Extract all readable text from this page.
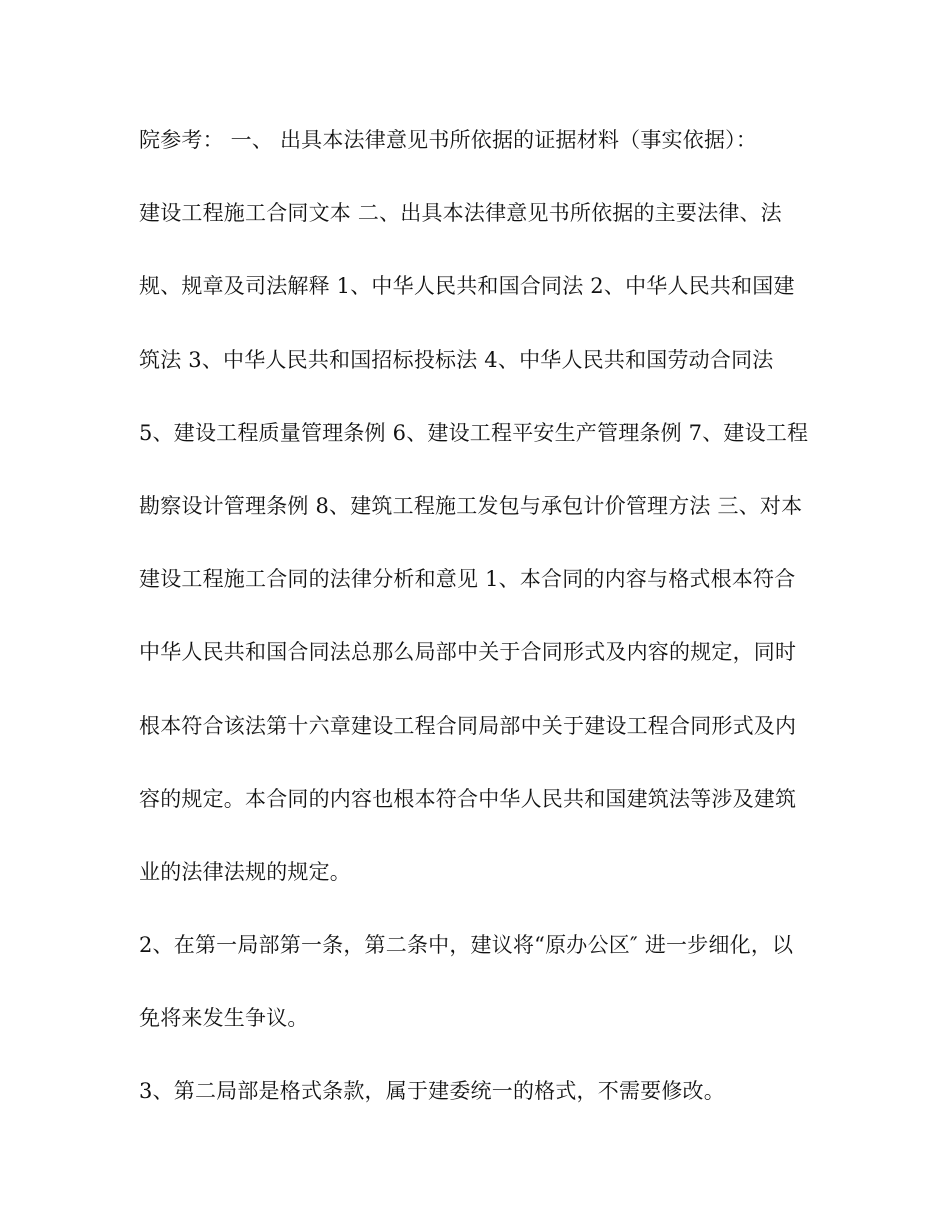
院参考： 一、 出具本法律意见书所依据的证据材料（事实依据）：
建设工程施工合同文本 二、出具本法律意见书所依据的主要法律、法
规、规章及司法解释 1、中华人民共和国合同法 2、中华人民共和国建
筑法 3、中华人民共和国招标投标法 4、中华人民共和国劳动合同法
5、建设工程质量管理条例 6、建设工程平安生产管理条例 7、建设工程
勘察设计管理条例 8、建筑工程施工发包与承包计价管理方法 三、对本
建设工程施工合同的法律分析和意见 1、本合同的内容与格式根本符合
中华人民共和国合同法总那么局部中关于合同形式及内容的规定，同时
根本符合该法第十六章建设工程合同局部中关于建设工程合同形式及内
容的规定。本合同的内容也根本符合中华人民共和国建筑法等涉及建筑
业的法律法规的规定。
2、在第一局部第一条，第二条中，建议将“原办公区″ 进一步细化，以
免将来发生争议。
3、第二局部是格式条款，属于建委统一的格式，不需要修改。
